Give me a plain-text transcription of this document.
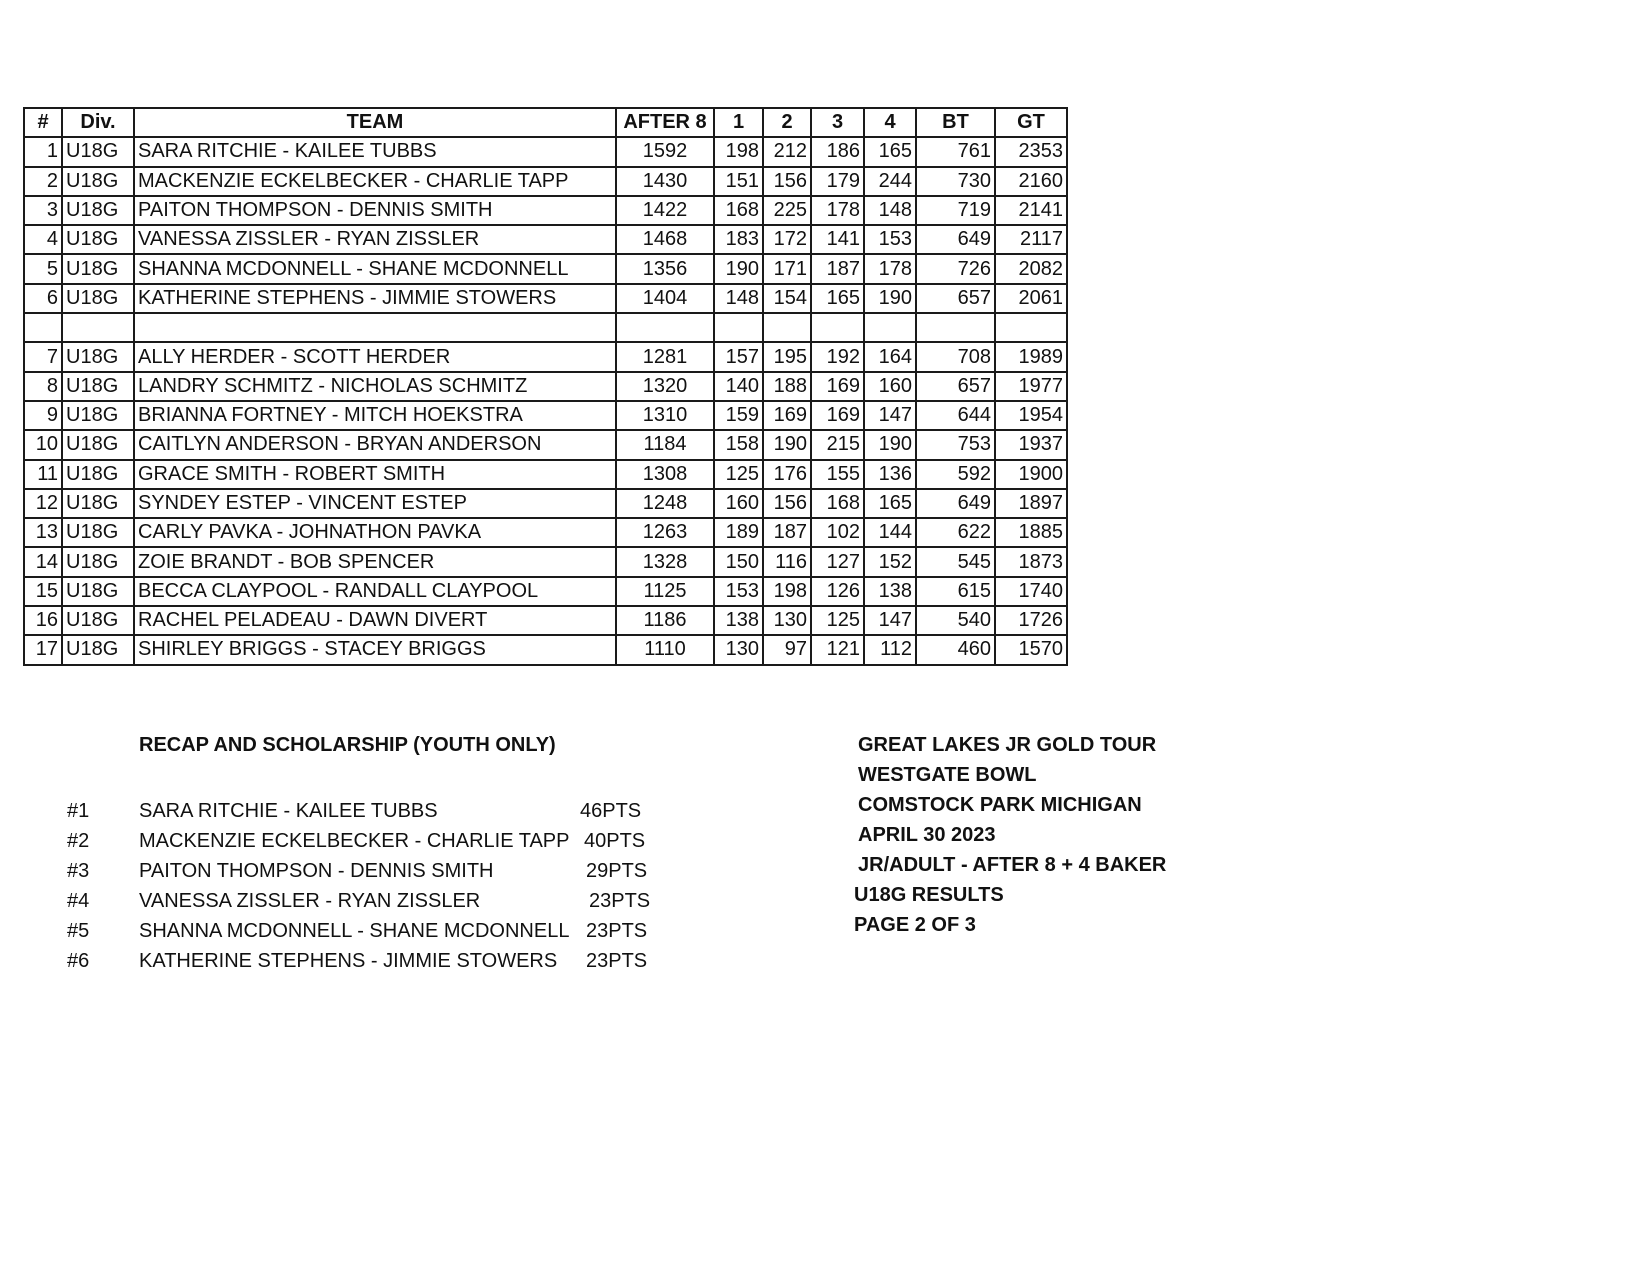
#	Div.	TEAM	AFTER 8	1	2	3	4	BT	GT
1	U18G	SARA RITCHIE - KAILEE TUBBS	1592	198	212	186	165	761	2353
2	U18G	MACKENZIE ECKELBECKER - CHARLIE TAPP	1430	151	156	179	244	730	2160
3	U18G	PAITON THOMPSON - DENNIS SMITH	1422	168	225	178	148	719	2141
4	U18G	VANESSA ZISSLER - RYAN ZISSLER	1468	183	172	141	153	649	2117
5	U18G	SHANNA MCDONNELL - SHANE MCDONNELL	1356	190	171	187	178	726	2082
6	U18G	KATHERINE STEPHENS - JIMMIE STOWERS	1404	148	154	165	190	657	2061

7	U18G	ALLY HERDER - SCOTT HERDER	1281	157	195	192	164	708	1989
8	U18G	LANDRY SCHMITZ - NICHOLAS SCHMITZ	1320	140	188	169	160	657	1977
9	U18G	BRIANNA FORTNEY - MITCH HOEKSTRA	1310	159	169	169	147	644	1954
10	U18G	CAITLYN ANDERSON - BRYAN ANDERSON	1184	158	190	215	190	753	1937
11	U18G	GRACE SMITH - ROBERT SMITH	1308	125	176	155	136	592	1900
12	U18G	SYNDEY ESTEP - VINCENT ESTEP	1248	160	156	168	165	649	1897
13	U18G	CARLY PAVKA - JOHNATHON PAVKA	1263	189	187	102	144	622	1885
14	U18G	ZOIE BRANDT - BOB SPENCER	1328	150	116	127	152	545	1873
15	U18G	BECCA CLAYPOOL - RANDALL CLAYPOOL	1125	153	198	126	138	615	1740
16	U18G	RACHEL PELADEAU - DAWN DIVERT	1186	138	130	125	147	540	1726
17	U18G	SHIRLEY BRIGGS - STACEY BRIGGS	1110	130	97	121	112	460	1570
RECAP AND SCHOLARSHIP (YOUTH ONLY)
#1 SARA RITCHIE - KAILEE TUBBS	46PTS
#2 MACKENZIE ECKELBECKER - CHARLIE TAPP 40PTS
#3 PAITON THOMPSON - DENNIS SMITH	29PTS
#4 VANESSA ZISSLER - RYAN ZISSLER	23PTS
#5 SHANNA MCDONNELL - SHANE MCDONNELL 23PTS
#6 KATHERINE STEPHENS - JIMMIE STOWERS 23PTS
GREAT LAKES JR GOLD TOUR
WESTGATE BOWL
COMSTOCK PARK MICHIGAN
APRIL 30 2023
JR/ADULT - AFTER 8 + 4 BAKER
U18G RESULTS
PAGE 2 OF 3
